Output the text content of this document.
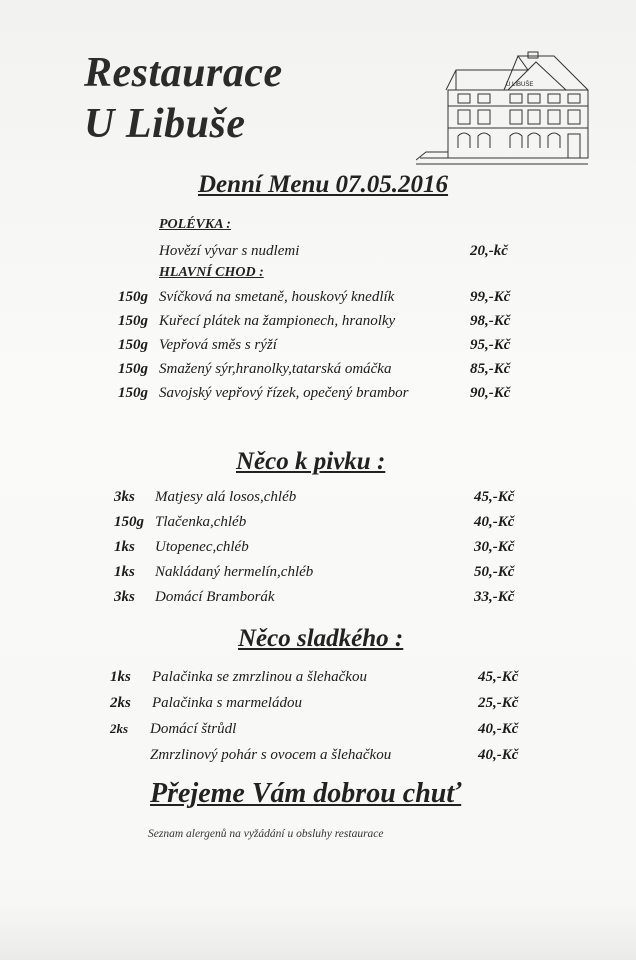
Restaurace
U Libuše
U LIBUŠE
Denní Menu 07.05.2016
POLÉVKA :
Hovězí vývar s nudlemi	20,-kč
HLAVNÍ CHOD :
150g Svíčková na smetaně, houskový knedlík	99,-Kč
150g Kuřecí plátek na žampionech, hranolky	98,-Kč
150g Vepřová směs s rýží	95,-Kč
150g Smažený sýr,hranolky,tatarská omáčka	85,-Kč
150g Savojský vepřový řízek, opečený brambor	90,-Kč
Něco k pivku :
3ks Matjesy alá losos,chléb	45,-Kč
150g Tlačenka,chléb	40,-Kč
1ks Utopenec,chléb	30,-Kč
1ks Nakládaný hermelín,chléb	50,-Kč
3ks Domácí Bramborák	33,-Kč
Něco sladkého :
1ks Palačinka se zmrzlinou a šlehačkou	45,-Kč
2ks Palačinka s marmeládou	25,-Kč
2ks Domácí štrůdl	40,-Kč
Zmrzlinový pohár s ovocem a šlehačkou	40,-Kč
Přejeme Vám dobrou chuť
Seznam alergenů na vyžádání u obsluhy restaurace
